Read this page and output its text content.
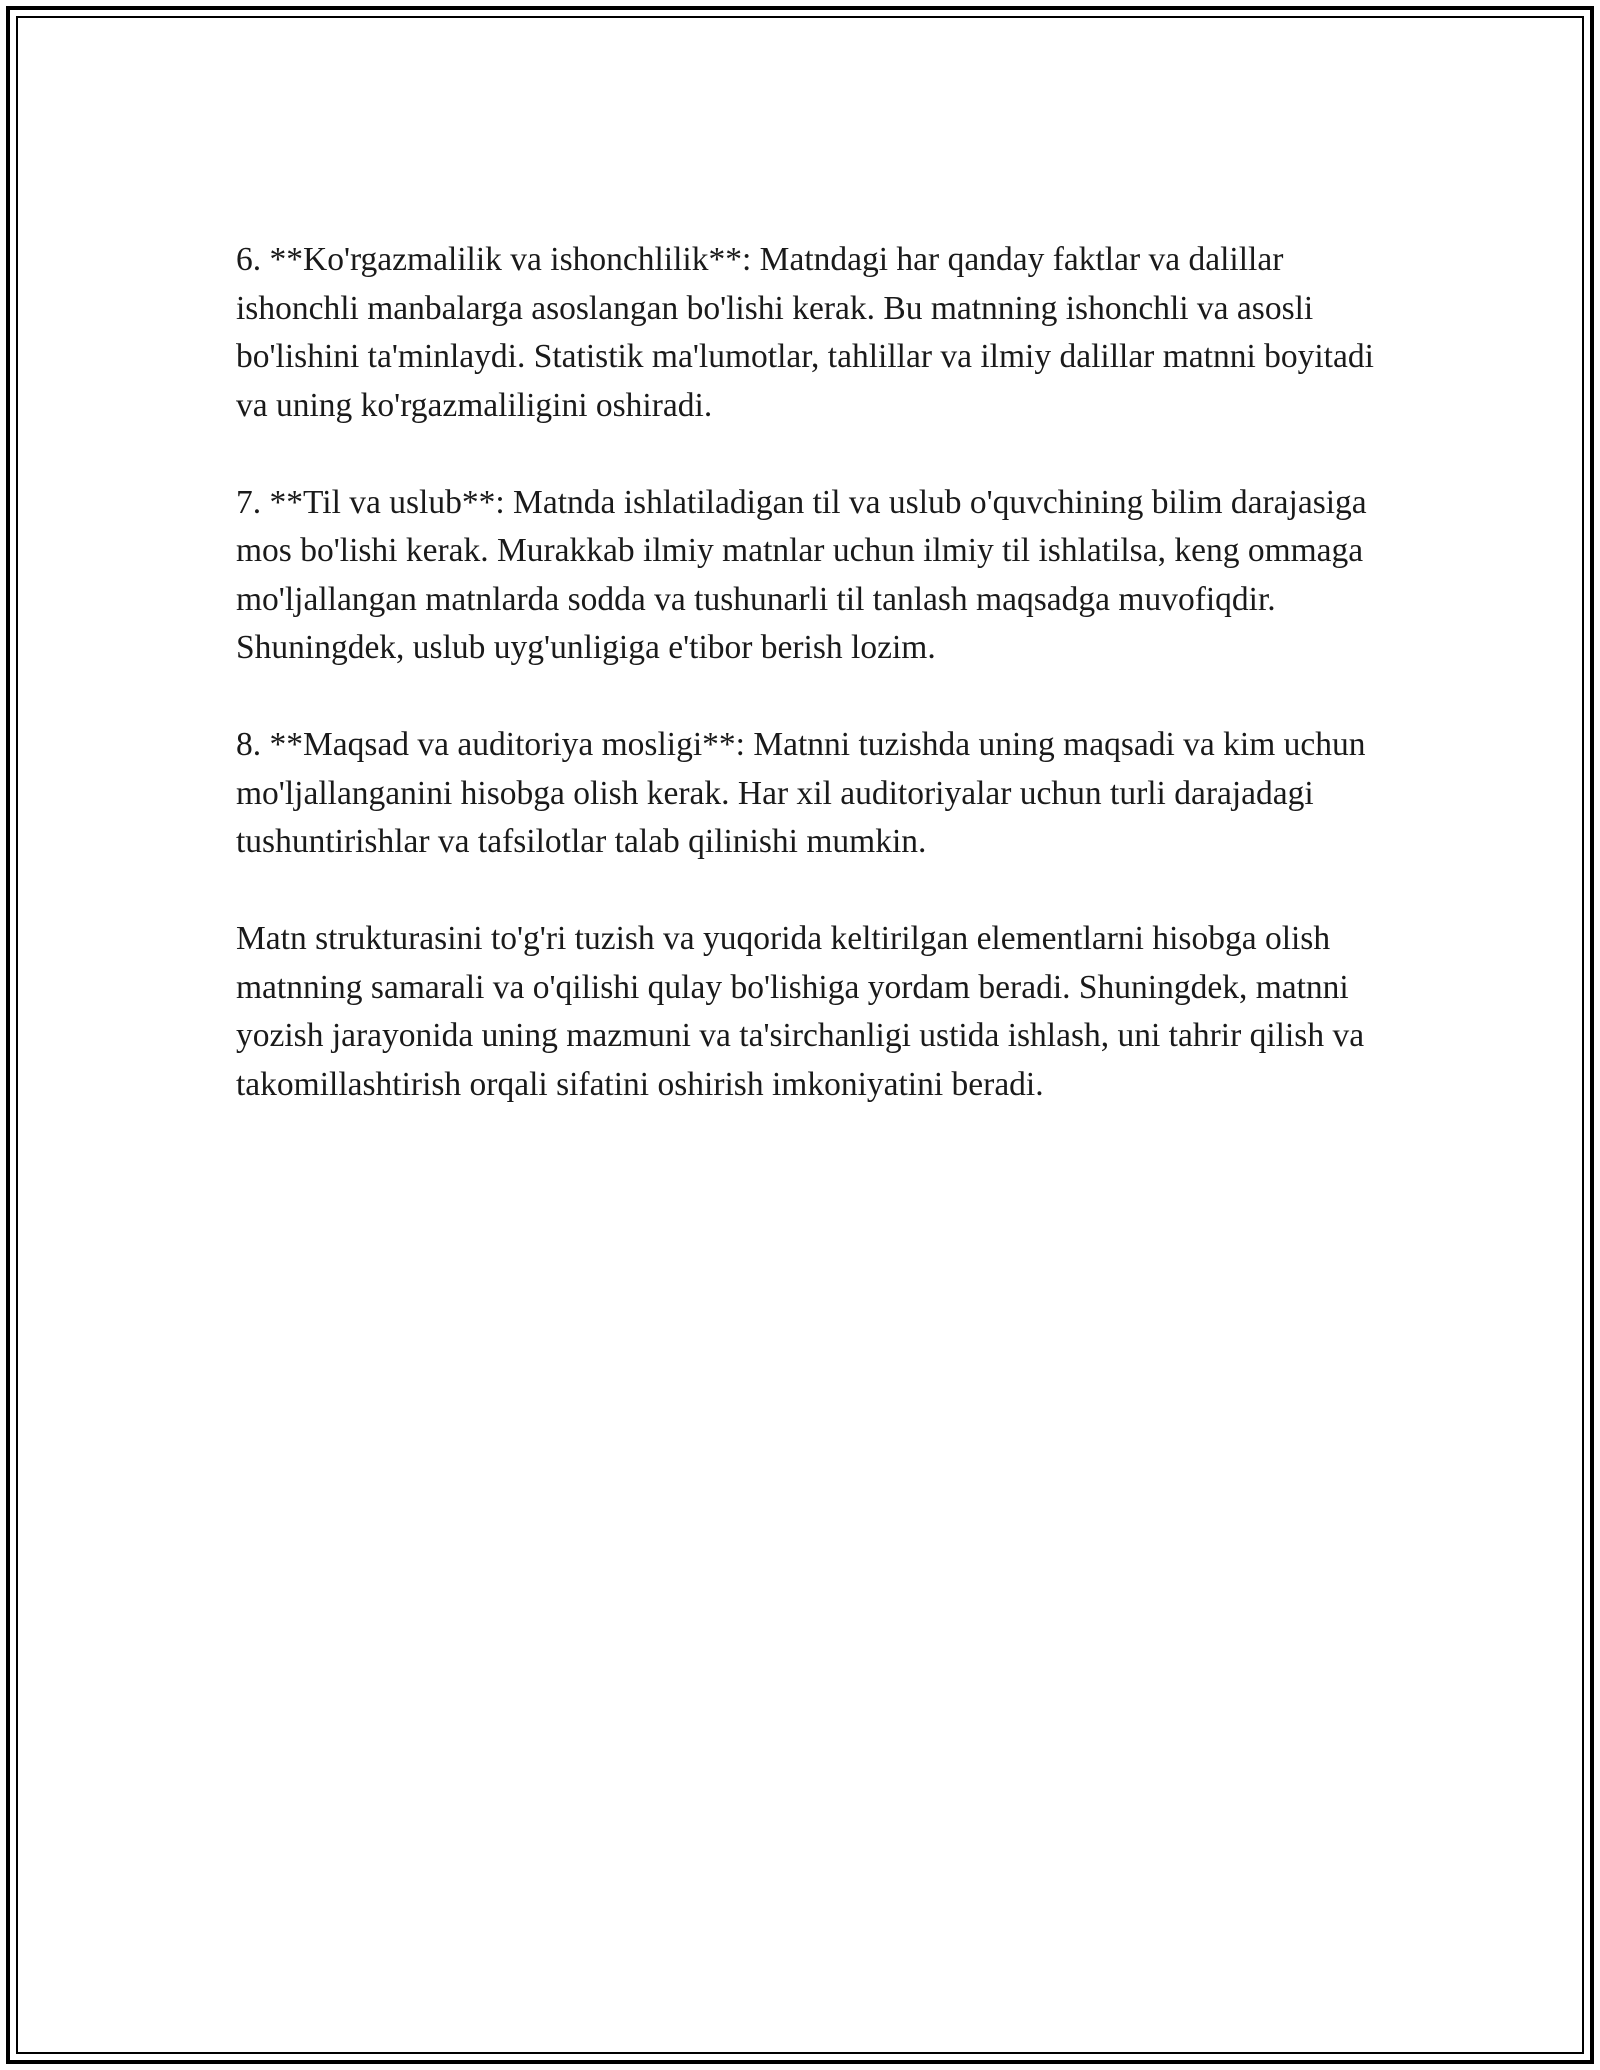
6. **Ko'rgazmalilik va ishonchlilik**: Matndagi har qanday faktlar va dalillar ishonchli manbalarga asoslangan bo'lishi kerak. Bu matnning ishonchli va asosli bo'lishini ta'minlaydi. Statistik ma'lumotlar, tahlillar va ilmiy dalillar matnni boyitadi va uning ko'rgazmaliligini oshiradi.

7. **Til va uslub**: Matnda ishlatiladigan til va uslub o'quvchining bilim darajasiga mos bo'lishi kerak. Murakkab ilmiy matnlar uchun ilmiy til ishlatilsa, keng ommaga mo'ljallangan matnlarda sodda va tushunarli til tanlash maqsadga muvofiqdir. Shuningdek, uslub uyg'unligiga e'tibor berish lozim.

8. **Maqsad va auditoriya mosligi**: Matnni tuzishda uning maqsadi va kim uchun mo'ljallanganini hisobga olish kerak. Har xil auditoriyalar uchun turli darajadagi tushuntirishlar va tafsilotlar talab qilinishi mumkin.

Matn strukturasini to'g'ri tuzish va yuqorida keltirilgan elementlarni hisobga olish matnning samarali va o'qilishi qulay bo'lishiga yordam beradi. Shuningdek, matnni yozish jarayonida uning mazmuni va ta'sirchanligi ustida ishlash, uni tahrir qilish va takomillashtirish orqali sifatini oshirish imkoniyatini beradi.
